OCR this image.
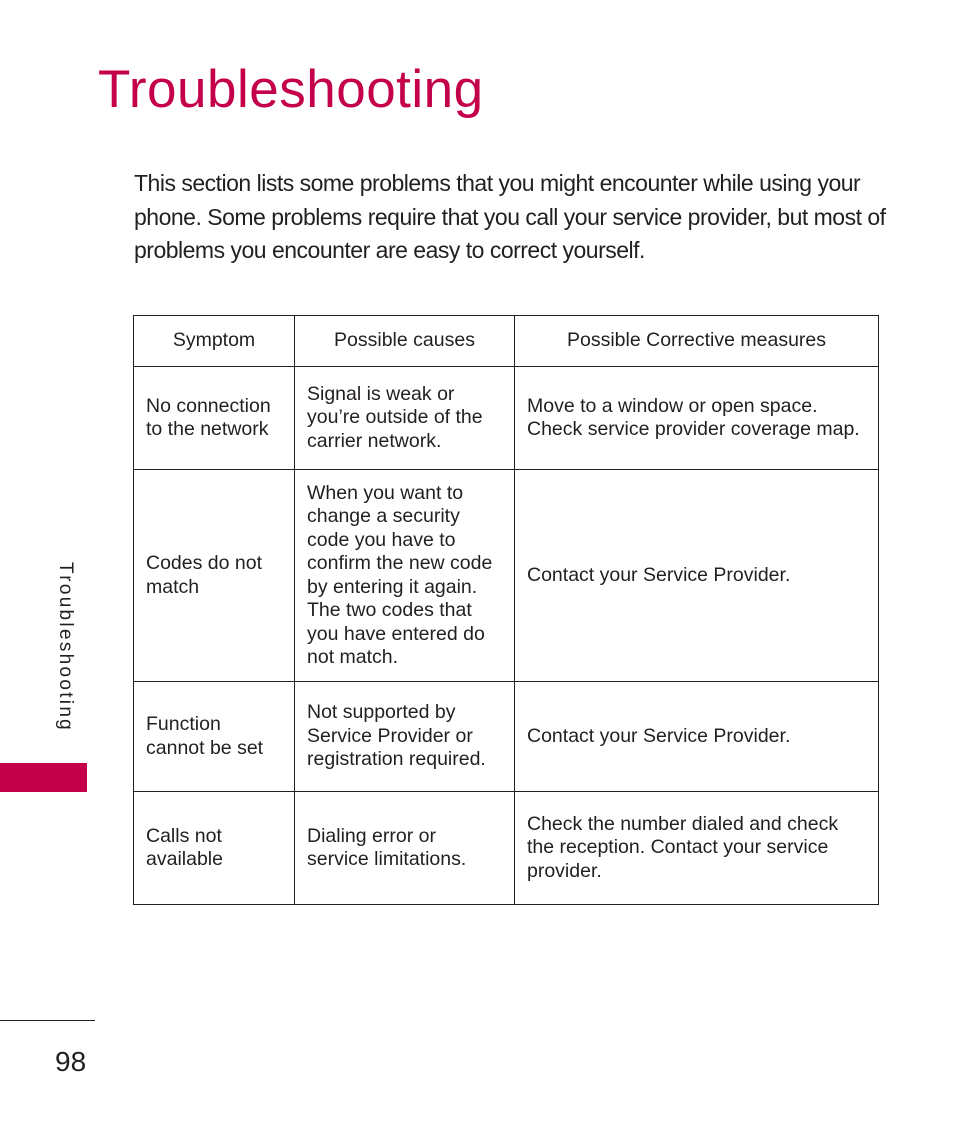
Troubleshooting

This section lists some problems that you might encounter while using your phone. Some problems require that you call your service provider, but most of problems you encounter are easy to correct yourself.

Troubleshooting
Symptom	Possible causes	Possible Corrective measures
No connection to the network	Signal is weak or you’re outside of the carrier network.	Move to a window or open space. Check service provider coverage map.
Codes do not match	When you want to change a security code you have to confirm the new code by entering it again. The two codes that you have entered do not match.	Contact your Service Provider.
Function cannot be set	Not supported by Service Provider or registration required.	Contact your Service Provider.
Calls not available	Dialing error or service limitations.	Check the number dialed and check the reception. Contact your service provider.
98
